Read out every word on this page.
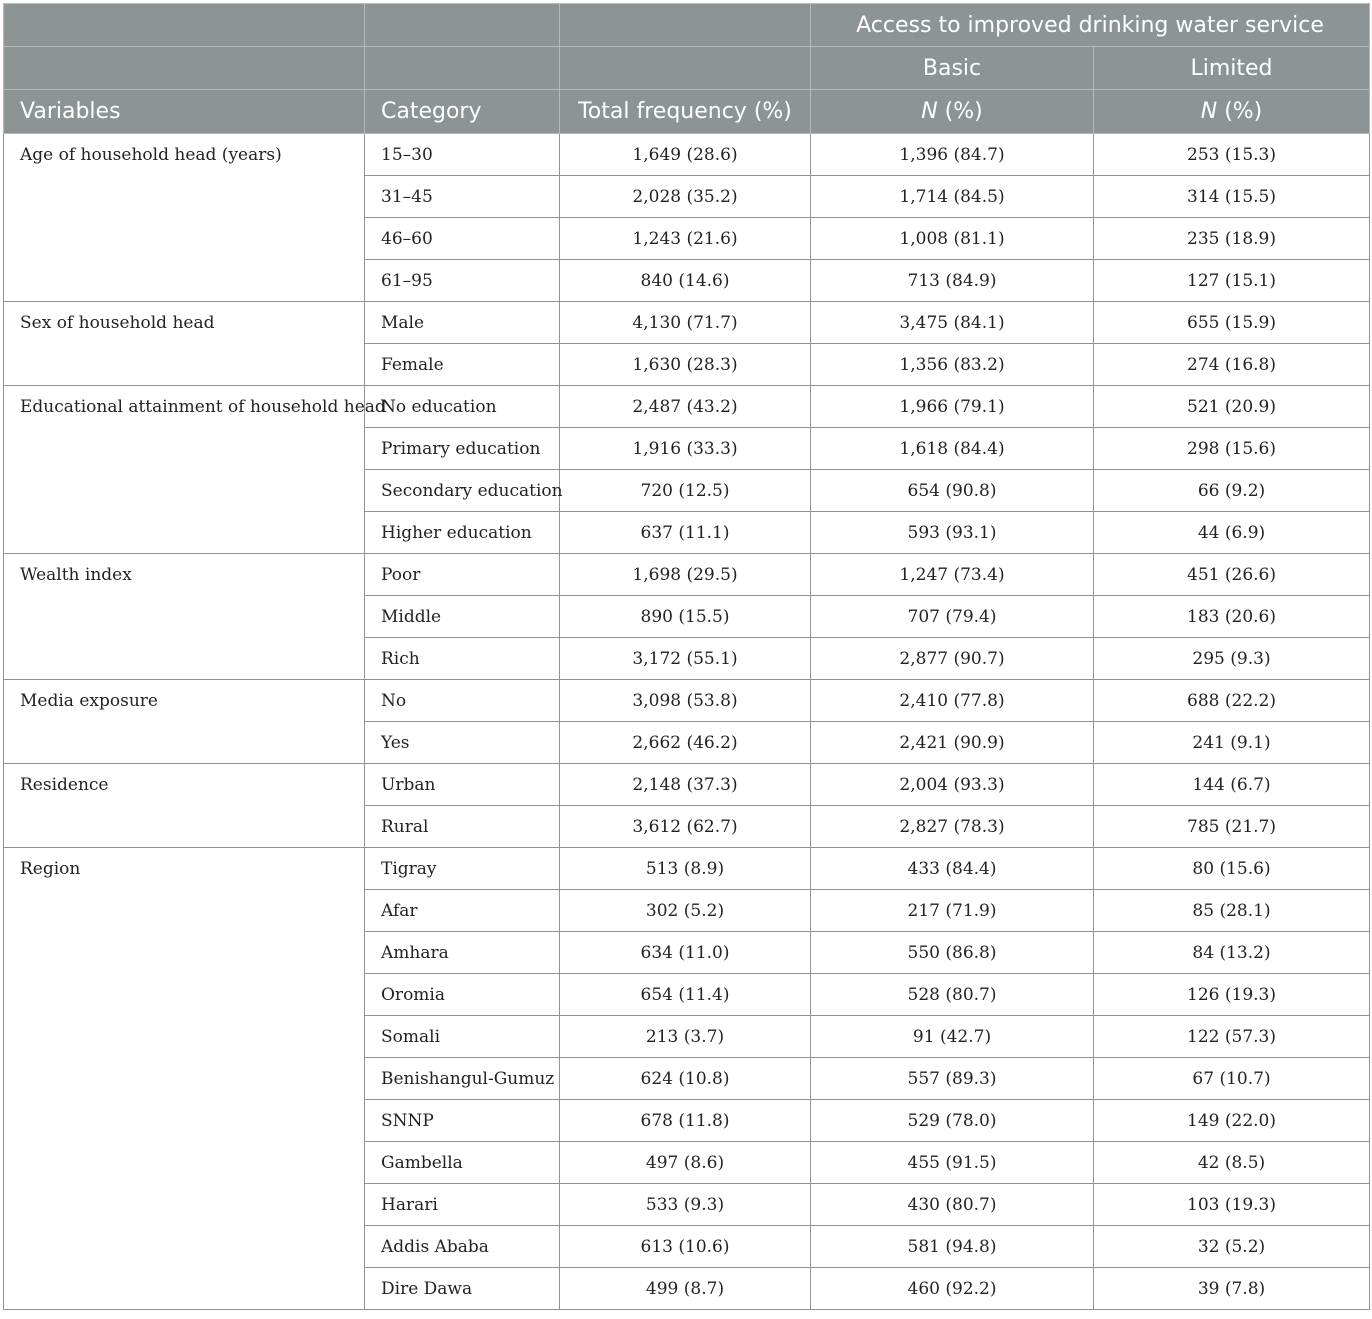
			Access to improved drinking water service	
			Basic	Limited
Variables	Category	Total frequency (%)	N (%)	N (%)
Age of household head (years)	15–30	1,649 (28.6)	1,396 (84.7)	253 (15.3)
	31–45	2,028 (35.2)	1,714 (84.5)	314 (15.5)
	46–60	1,243 (21.6)	1,008 (81.1)	235 (18.9)
	61–95	840 (14.6)	713 (84.9)	127 (15.1)
Sex of household head	Male	4,130 (71.7)	3,475 (84.1)	655 (15.9)
	Female	1,630 (28.3)	1,356 (83.2)	274 (16.8)
Educational attainment of household head	No education	2,487 (43.2)	1,966 (79.1)	521 (20.9)
	Primary education	1,916 (33.3)	1,618 (84.4)	298 (15.6)
	Secondary education	720 (12.5)	654 (90.8)	66 (9.2)
	Higher education	637 (11.1)	593 (93.1)	44 (6.9)
Wealth index	Poor	1,698 (29.5)	1,247 (73.4)	451 (26.6)
	Middle	890 (15.5)	707 (79.4)	183 (20.6)
	Rich	3,172 (55.1)	2,877 (90.7)	295 (9.3)
Media exposure	No	3,098 (53.8)	2,410 (77.8)	688 (22.2)
	Yes	2,662 (46.2)	2,421 (90.9)	241 (9.1)
Residence	Urban	2,148 (37.3)	2,004 (93.3)	144 (6.7)
	Rural	3,612 (62.7)	2,827 (78.3)	785 (21.7)
Region	Tigray	513 (8.9)	433 (84.4)	80 (15.6)
	Afar	302 (5.2)	217 (71.9)	85 (28.1)
	Amhara	634 (11.0)	550 (86.8)	84 (13.2)
	Oromia	654 (11.4)	528 (80.7)	126 (19.3)
	Somali	213 (3.7)	91 (42.7)	122 (57.3)
	Benishangul-Gumuz	624 (10.8)	557 (89.3)	67 (10.7)
	SNNP	678 (11.8)	529 (78.0)	149 (22.0)
	Gambella	497 (8.6)	455 (91.5)	42 (8.5)
	Harari	533 (9.3)	430 (80.7)	103 (19.3)
	Addis Ababa	613 (10.6)	581 (94.8)	32 (5.2)
	Dire Dawa	499 (8.7)	460 (92.2)	39 (7.8)
